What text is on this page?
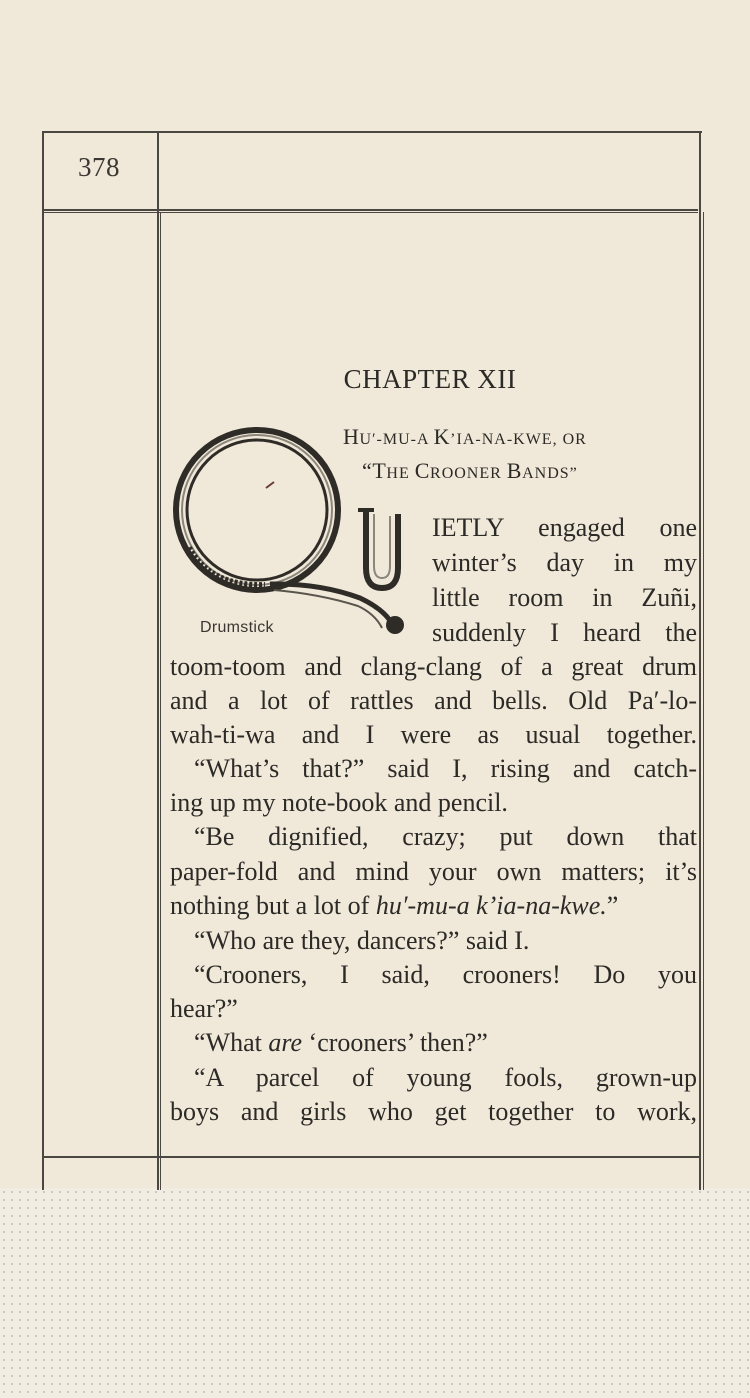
378
CHAPTER XII
HU′-MU-A K’IA-NA-KWE, OR
“THE CROONER BANDS”
Drumstick
IETLY engaged one
winter’s day in my
little room in Zuñi,
suddenly I heard the
toom-toom and clang-clang of a great drum
and a lot of rattles and bells. Old Pa′-lo-
wah-ti-wa and I were as usual together.
“What’s that?” said I, rising and catch-
ing up my note-book and pencil.
“Be dignified, crazy; put down that
paper-fold and mind your own matters; it’s
nothing but a lot of hu′-mu-a k’ia-na-kwe.”
“Who are they, dancers?” said I.
“Crooners, I said, crooners! Do you
hear?”
“What are ‘crooners’ then?”
“A parcel of young fools, grown-up
boys and girls who get together to work,
